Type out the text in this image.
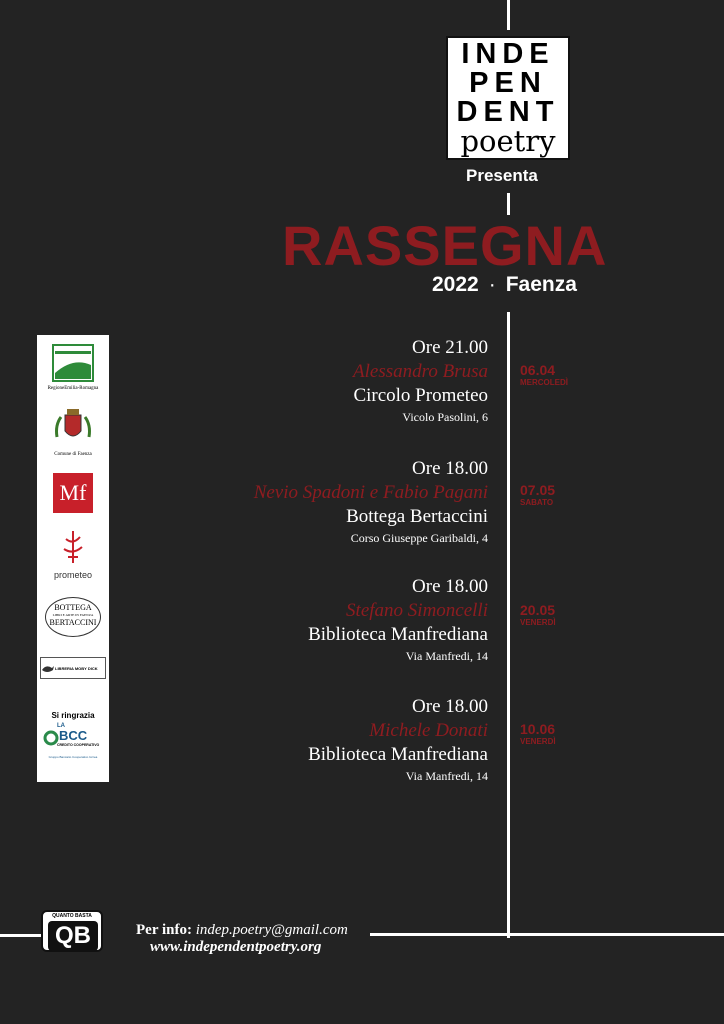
INDE
PEN
DENT
poetry
Presenta
RASSEGNA
2022 · Faenza
Ore 21.00
Alessandro Brusa
Circolo Prometeo
Vicolo Pasolini, 6
06.04
MERCOLEDÌ
Ore 18.00
Nevio Spadoni e Fabio Pagani
Bottega Bertaccini
Corso Giuseppe Garibaldi, 4
07.05
SABATO
Ore 18.00
Stefano Simoncelli
Biblioteca Manfrediana
Via Manfredi, 14
20.05
VENERDÌ
Ore 18.00
Michele Donati
Biblioteca Manfrediana
Via Manfredi, 14
10.06
VENERDÌ
RegioneEmilia-Romagna
Comune di Faenza
Mf
prometeo
BOTTEGA
LIBRI E ARTE IN FAENZA
BERTACCINI
LIBRERIA MOBY DICK
Si ringrazia
LA
BCC
CREDITO COOPERATIVO
Gruppo Bancario Cooperativo Iccrea
QUANTO BASTA
QB	Per info: indep.poetry@gmail.com
www.independentpoetry.org
